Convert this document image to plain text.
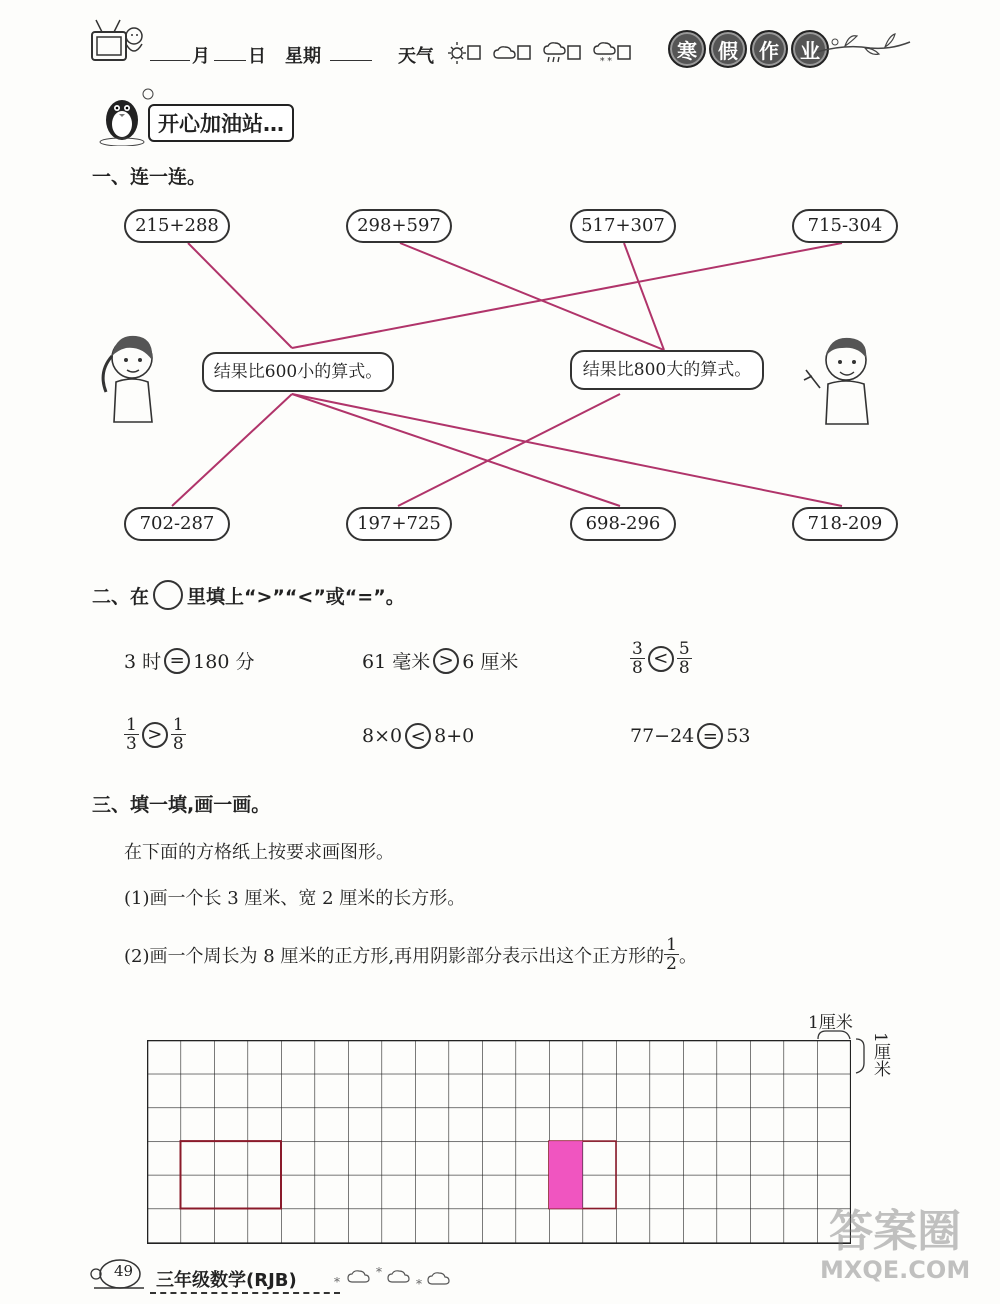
月 日 星期	天气	* *	寒	假	作	业
开心加油站…
一、连一连。
215+288	298+597	517+307	715-304
结果比600小的算式。	结果比800大的算式。
702-287	197+725	698-296	718-209
二、在 里填上“>”“<”或“=”。
3 时 = 180 分	61 毫米 > 6 厘米	$\frac{3}{8} < \frac{5}{8}$
$\frac{1}{3} > \frac{1}{8}$	8×0 < 8+0	77−24 = 53
三、填一填,画一画。
在下面的方格纸上按要求画图形。
(1)画一个长 3 厘米、宽 2 厘米的长方形。
(2)画一个周长为 8 厘米的正方形,再用阴影部分表示出这个正方形的 $\frac{1}{2}$ 。
1厘米
1厘米
49 三年级数学(RJB)	*
*
*
答案圈
MXQE.COM
